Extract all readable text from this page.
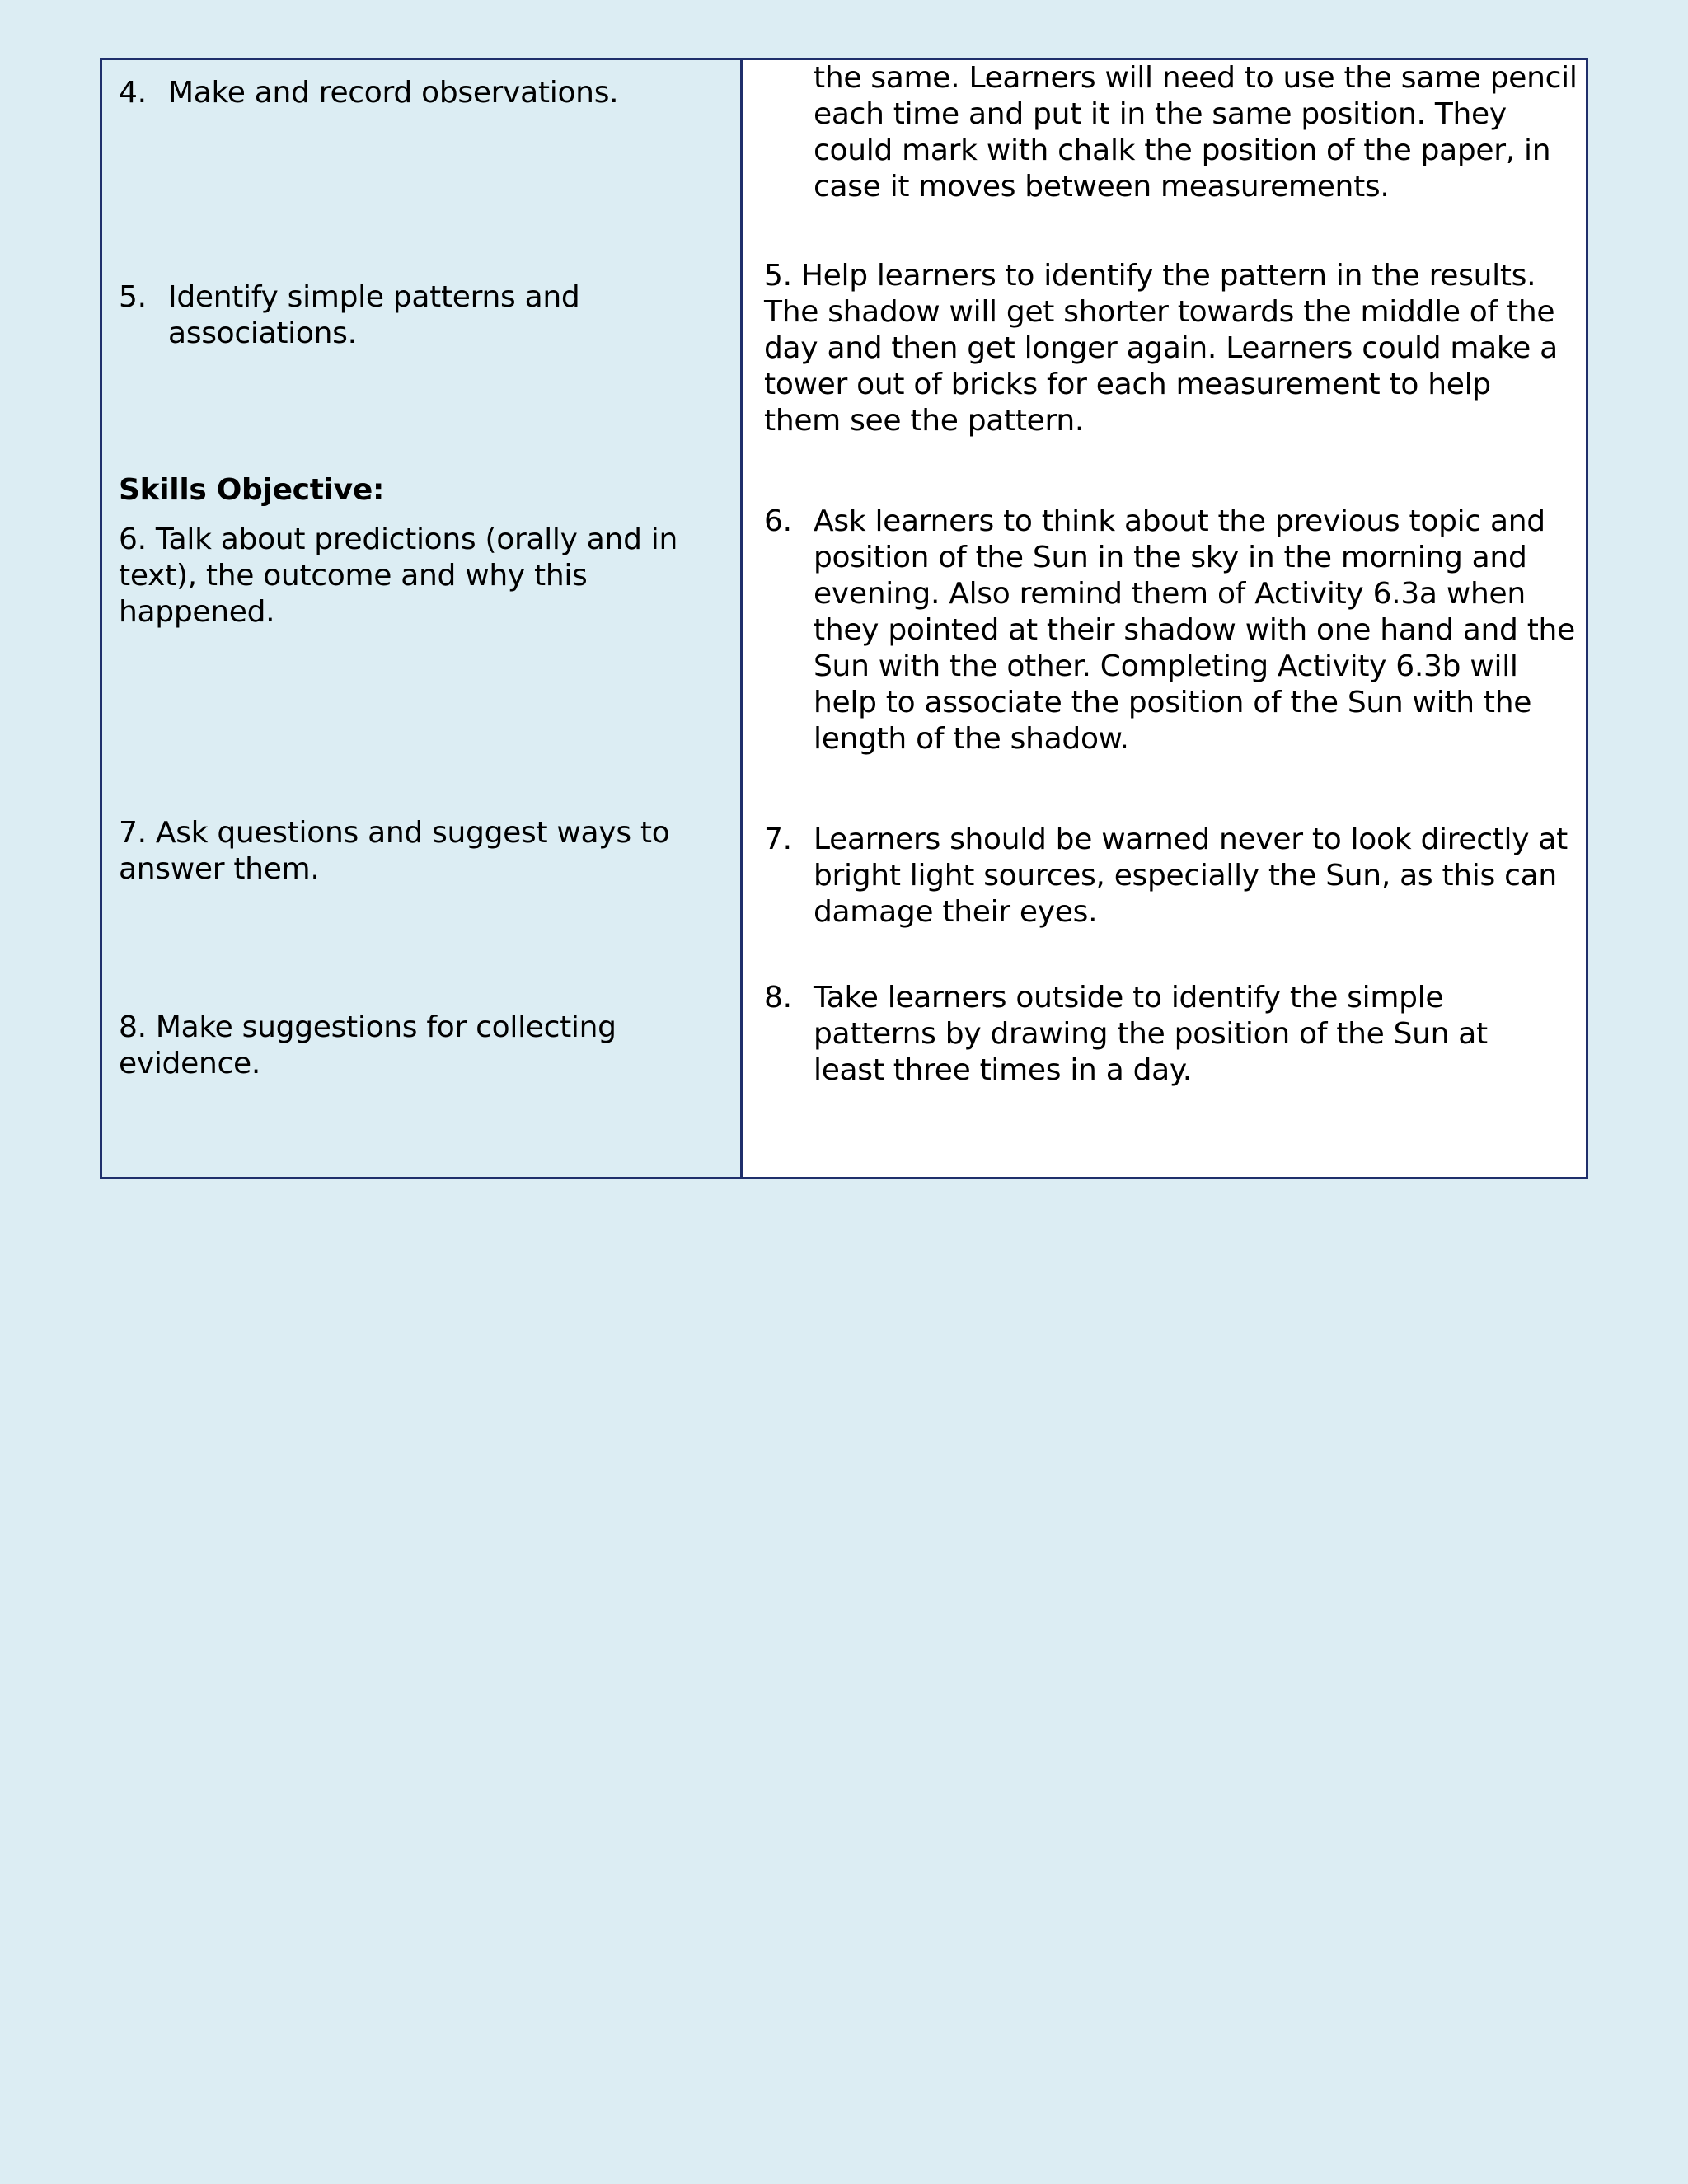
4. Make and record observations.
5. Identify simple patterns and associations.
Skills Objective:
6. Talk about predictions (orally and in text), the outcome and why this happened.
7. Ask questions and suggest ways to answer them.
8. Make suggestions for collecting evidence.
the same. Learners will need to use the same pencil each time and put it in the same position. They could mark with chalk the position of the paper, in case it moves between measurements.
5. Help learners to identify the pattern in the results. The shadow will get shorter towards the middle of the day and then get longer again. Learners could make a tower out of bricks for each measurement to help them see the pattern.
6. Ask learners to think about the previous topic and position of the Sun in the sky in the morning and evening. Also remind them of Activity 6.3a when they pointed at their shadow with one hand and the Sun with the other. Completing Activity 6.3b will help to associate the position of the Sun with the length of the shadow.
7. Learners should be warned never to look directly at bright light sources, especially the Sun, as this can damage their eyes.
8. Take learners outside to identify the simple patterns by drawing the position of the Sun at least three times in a day.
